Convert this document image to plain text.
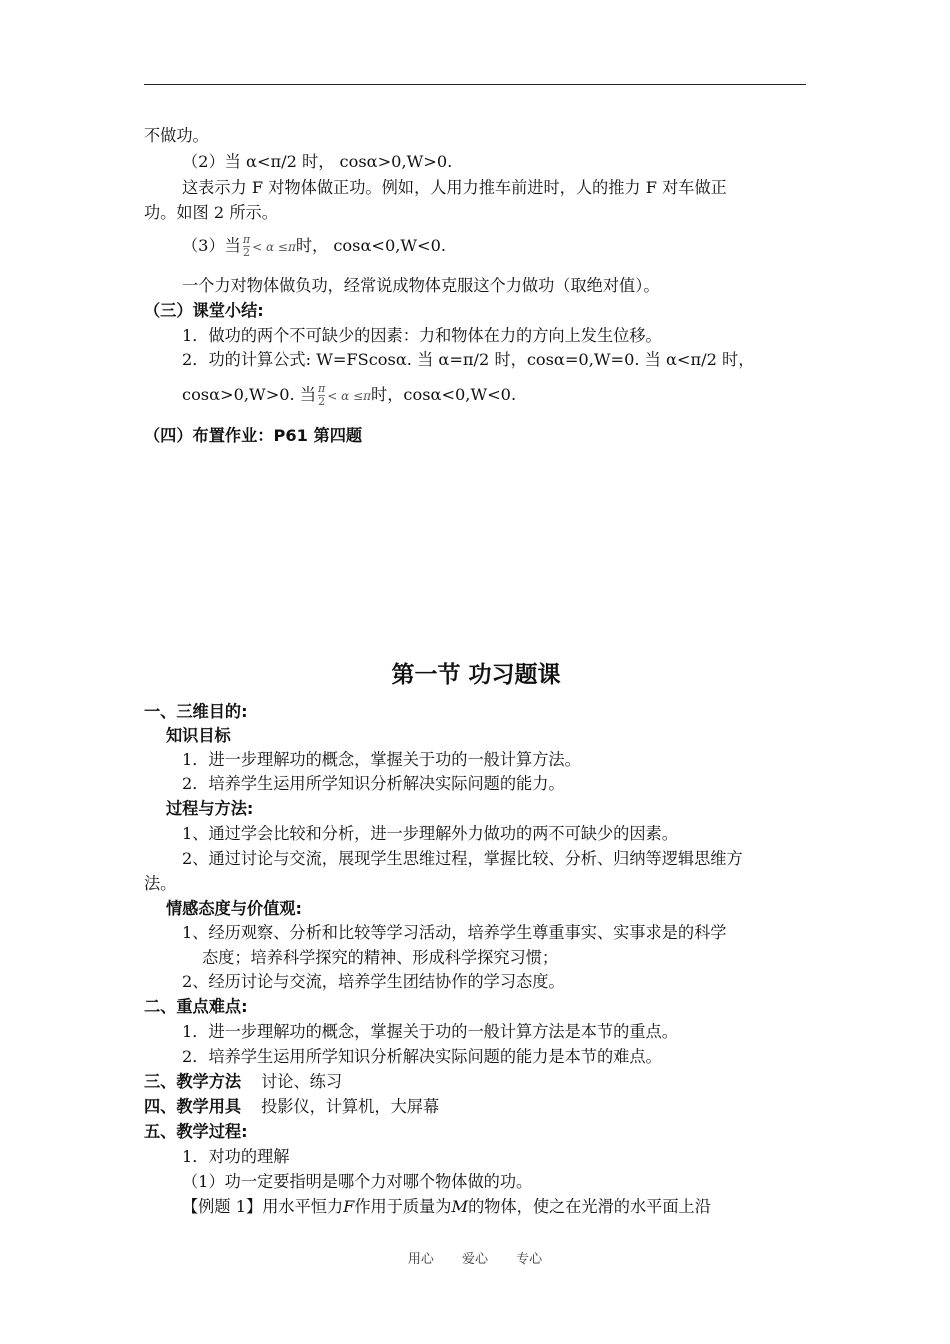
不做功。
（2）当 α<π/2 时， cosα>0,W>0.
这表示力 F 对物体做正功。例如，人用力推车前进时，人的推力 F 对车做正
功。如图 2 所示。
（3）当 $\frac{\pi}{2} < \alpha \le\pi$时， cosα<0,W<0.
一个力对物体做负功，经常说成物体克服这个力做功（取绝对值）。
（三）课堂小结:
1．做功的两个不可缺少的因素：力和物体在力的方向上发生位移。
2．功的计算公式: W=FScosα. 当 α=π/2 时，cosα=0,W=0. 当 α<π/2 时，
cosα>0,W>0. 当 $\frac{\pi}{2} < \alpha \le\pi$时，cosα<0,W<0.
（四）布置作业：P61 第四题
第一节 功习题课
一、三维目的:
知识目标
1．进一步理解功的概念，掌握关于功的一般计算方法。
2．培养学生运用所学知识分析解决实际问题的能力。
过程与方法:
1、通过学会比较和分析，进一步理解外力做功的两不可缺少的因素。
2、通过讨论与交流，展现学生思维过程，掌握比较、分析、归纳等逻辑思维方
法。
情感态度与价值观:
1、经历观察、分析和比较等学习活动，培养学生尊重事实、实事求是的科学
态度；培养科学探究的精神、形成科学探究习惯；
2、经历讨论与交流，培养学生团结协作的学习态度。
二、重点难点:
1．进一步理解功的概念，掌握关于功的一般计算方法是本节的重点。
2．培养学生运用所学知识分析解决实际问题的能力是本节的难点。
三、教学方法 讨论、练习
四、教学用具 投影仪，计算机，大屏幕
五、教学过程:
1．对功的理解
（1）功一定要指明是哪个力对哪个物体做的功。
【例题 1】用水平恒力F作用于质量为M的物体，使之在光滑的水平面上沿
用心 爱心 专心
